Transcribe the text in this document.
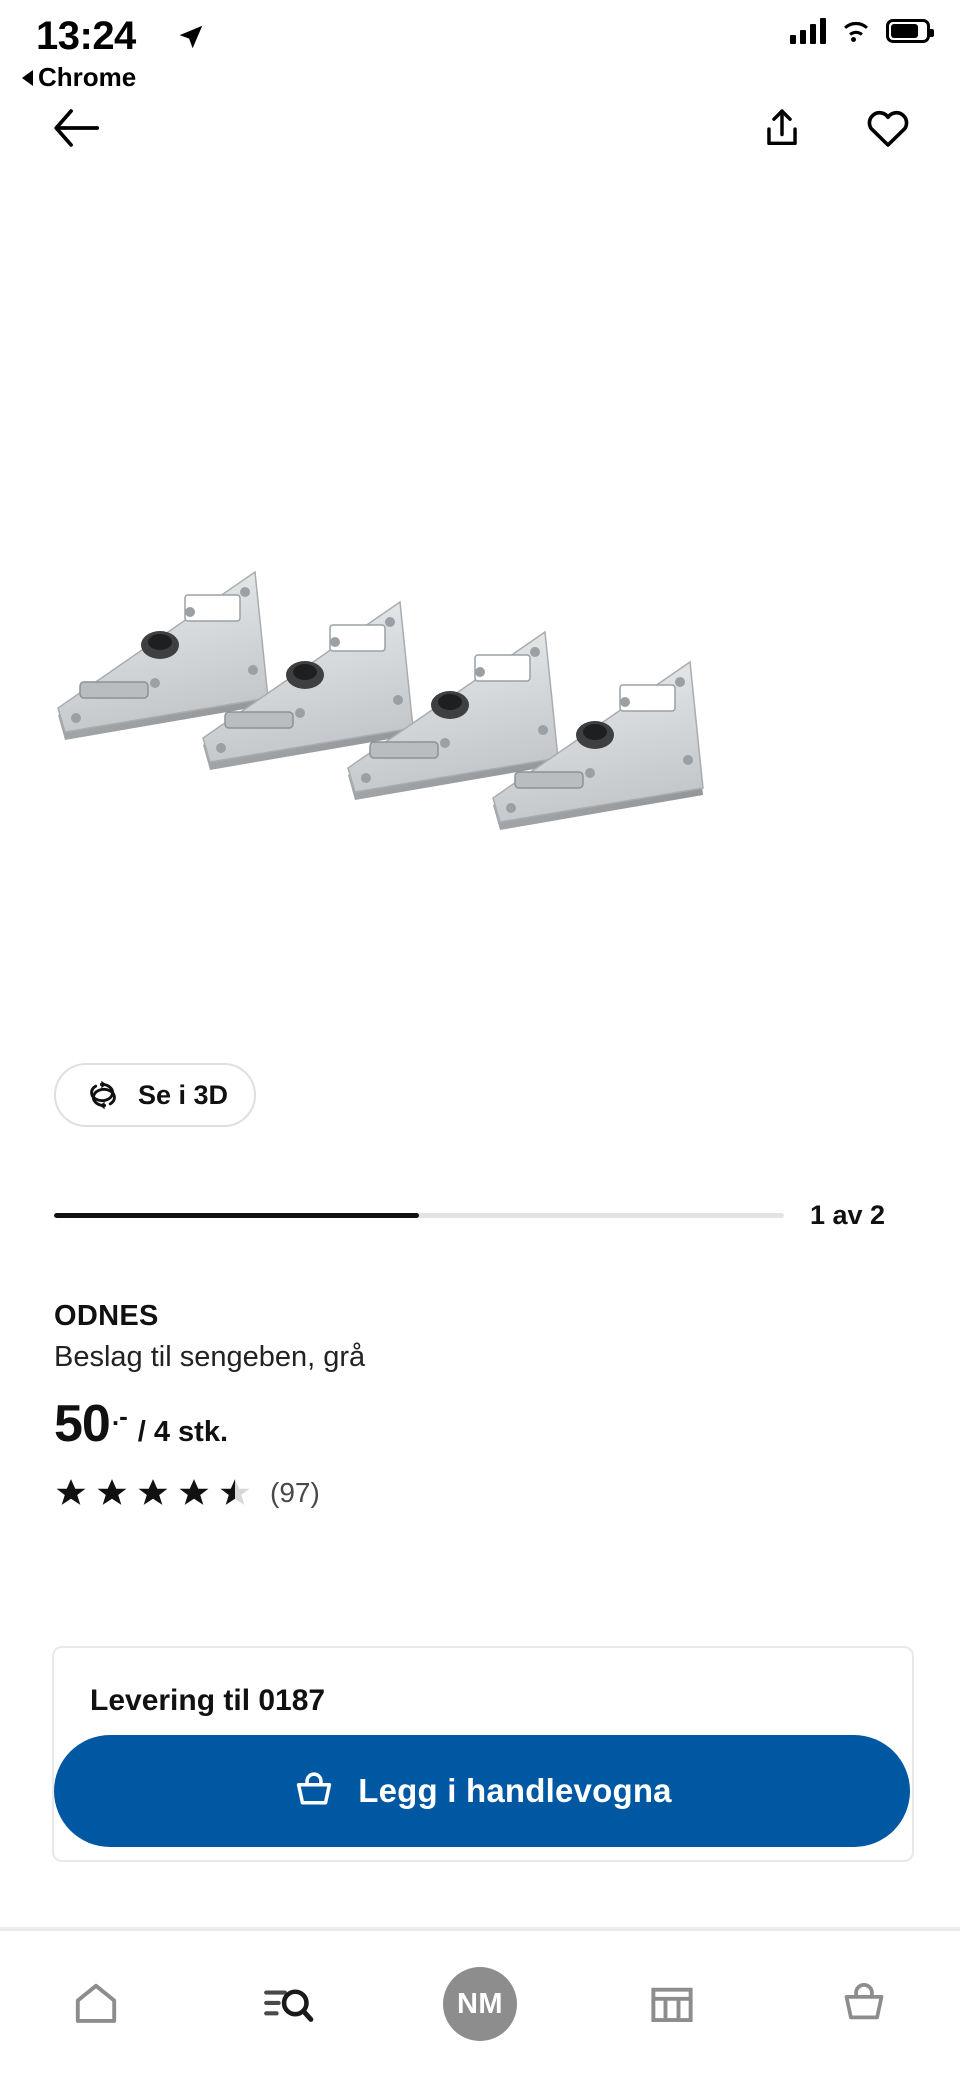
13:24
Chrome
Se i 3D
1 av 2
ODNES
Beslag til sengeben, grå
50 .- / 4 stk.
(97)
Levering til 0187
Legg i handlevogna
NM
